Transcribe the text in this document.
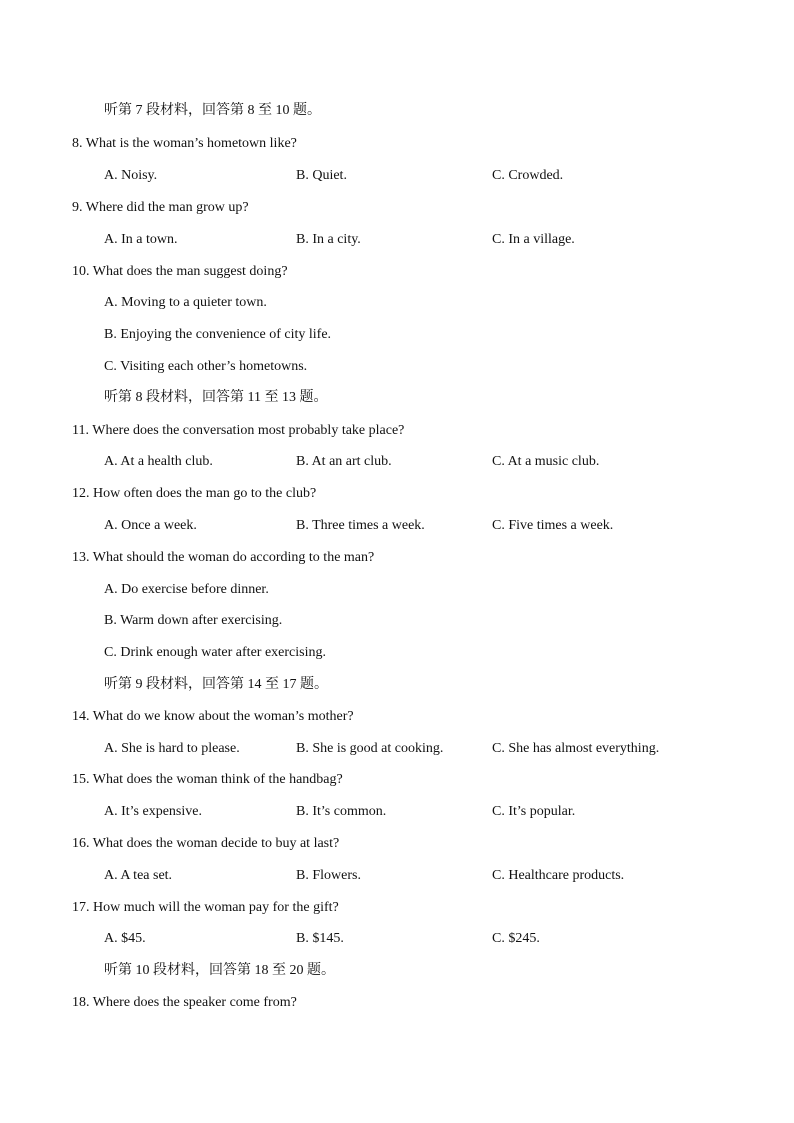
听第 7 段材料，回答第 8 至 10 题。
8. What is the woman’s hometown like?
A. Noisy.	B. Quiet.	C. Crowded.
9. Where did the man grow up?
A. In a town.	B. In a city.	C. In a village.
10. What does the man suggest doing?
A. Moving to a quieter town.
B. Enjoying the convenience of city life.
C. Visiting each other’s hometowns.
听第 8 段材料，回答第 11 至 13 题。
11. Where does the conversation most probably take place?
A. At a health club.	B. At an art club.	C. At a music club.
12. How often does the man go to the club?
A. Once a week.	B. Three times a week.	C. Five times a week.
13. What should the woman do according to the man?
A. Do exercise before dinner.
B. Warm down after exercising.
C. Drink enough water after exercising.
听第 9 段材料，回答第 14 至 17 题。
14. What do we know about the woman’s mother?
A. She is hard to please.	B. She is good at cooking.	C. She has almost everything.
15. What does the woman think of the handbag?
A. It’s expensive.	B. It’s common.	C. It’s popular.
16. What does the woman decide to buy at last?
A. A tea set.	B. Flowers.	C. Healthcare products.
17. How much will the woman pay for the gift?
A. $45.	B. $145.	C. $245.
听第 10 段材料，回答第 18 至 20 题。
18. Where does the speaker come from?
